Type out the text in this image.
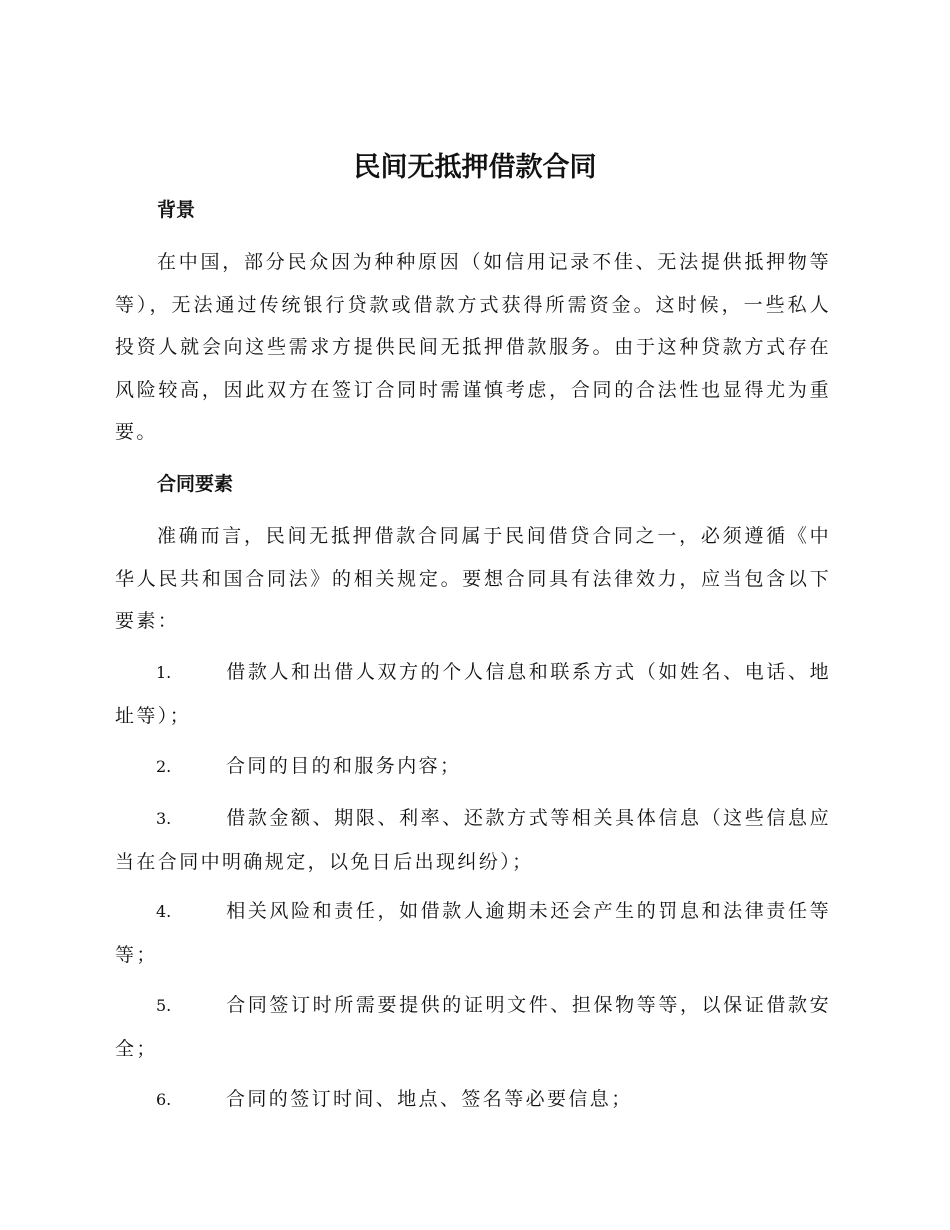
民间无抵押借款合同
背景

在中国，部分民众因为种种原因（如信用记录不佳、无法提供抵押物等等），无法通过传统银行贷款或借款方式获得所需资金。这时候，一些私人投资人就会向这些需求方提供民间无抵押借款服务。由于这种贷款方式存在风险较高，因此双方在签订合同时需谨慎考虑，合同的合法性也显得尤为重要。

合同要素

准确而言，民间无抵押借款合同属于民间借贷合同之一，必须遵循《中华人民共和国合同法》的相关规定。要想合同具有法律效力，应当包含以下要素：

1.	借款人和出借人双方的个人信息和联系方式（如姓名、电话、地址等）；

2.	合同的目的和服务内容；

3.	借款金额、期限、利率、还款方式等相关具体信息（这些信息应当在合同中明确规定，以免日后出现纠纷）；

4.	相关风险和责任，如借款人逾期未还会产生的罚息和法律责任等等；

5.	合同签订时所需要提供的证明文件、担保物等等，以保证借款安全；

6.	合同的签订时间、地点、签名等必要信息；
